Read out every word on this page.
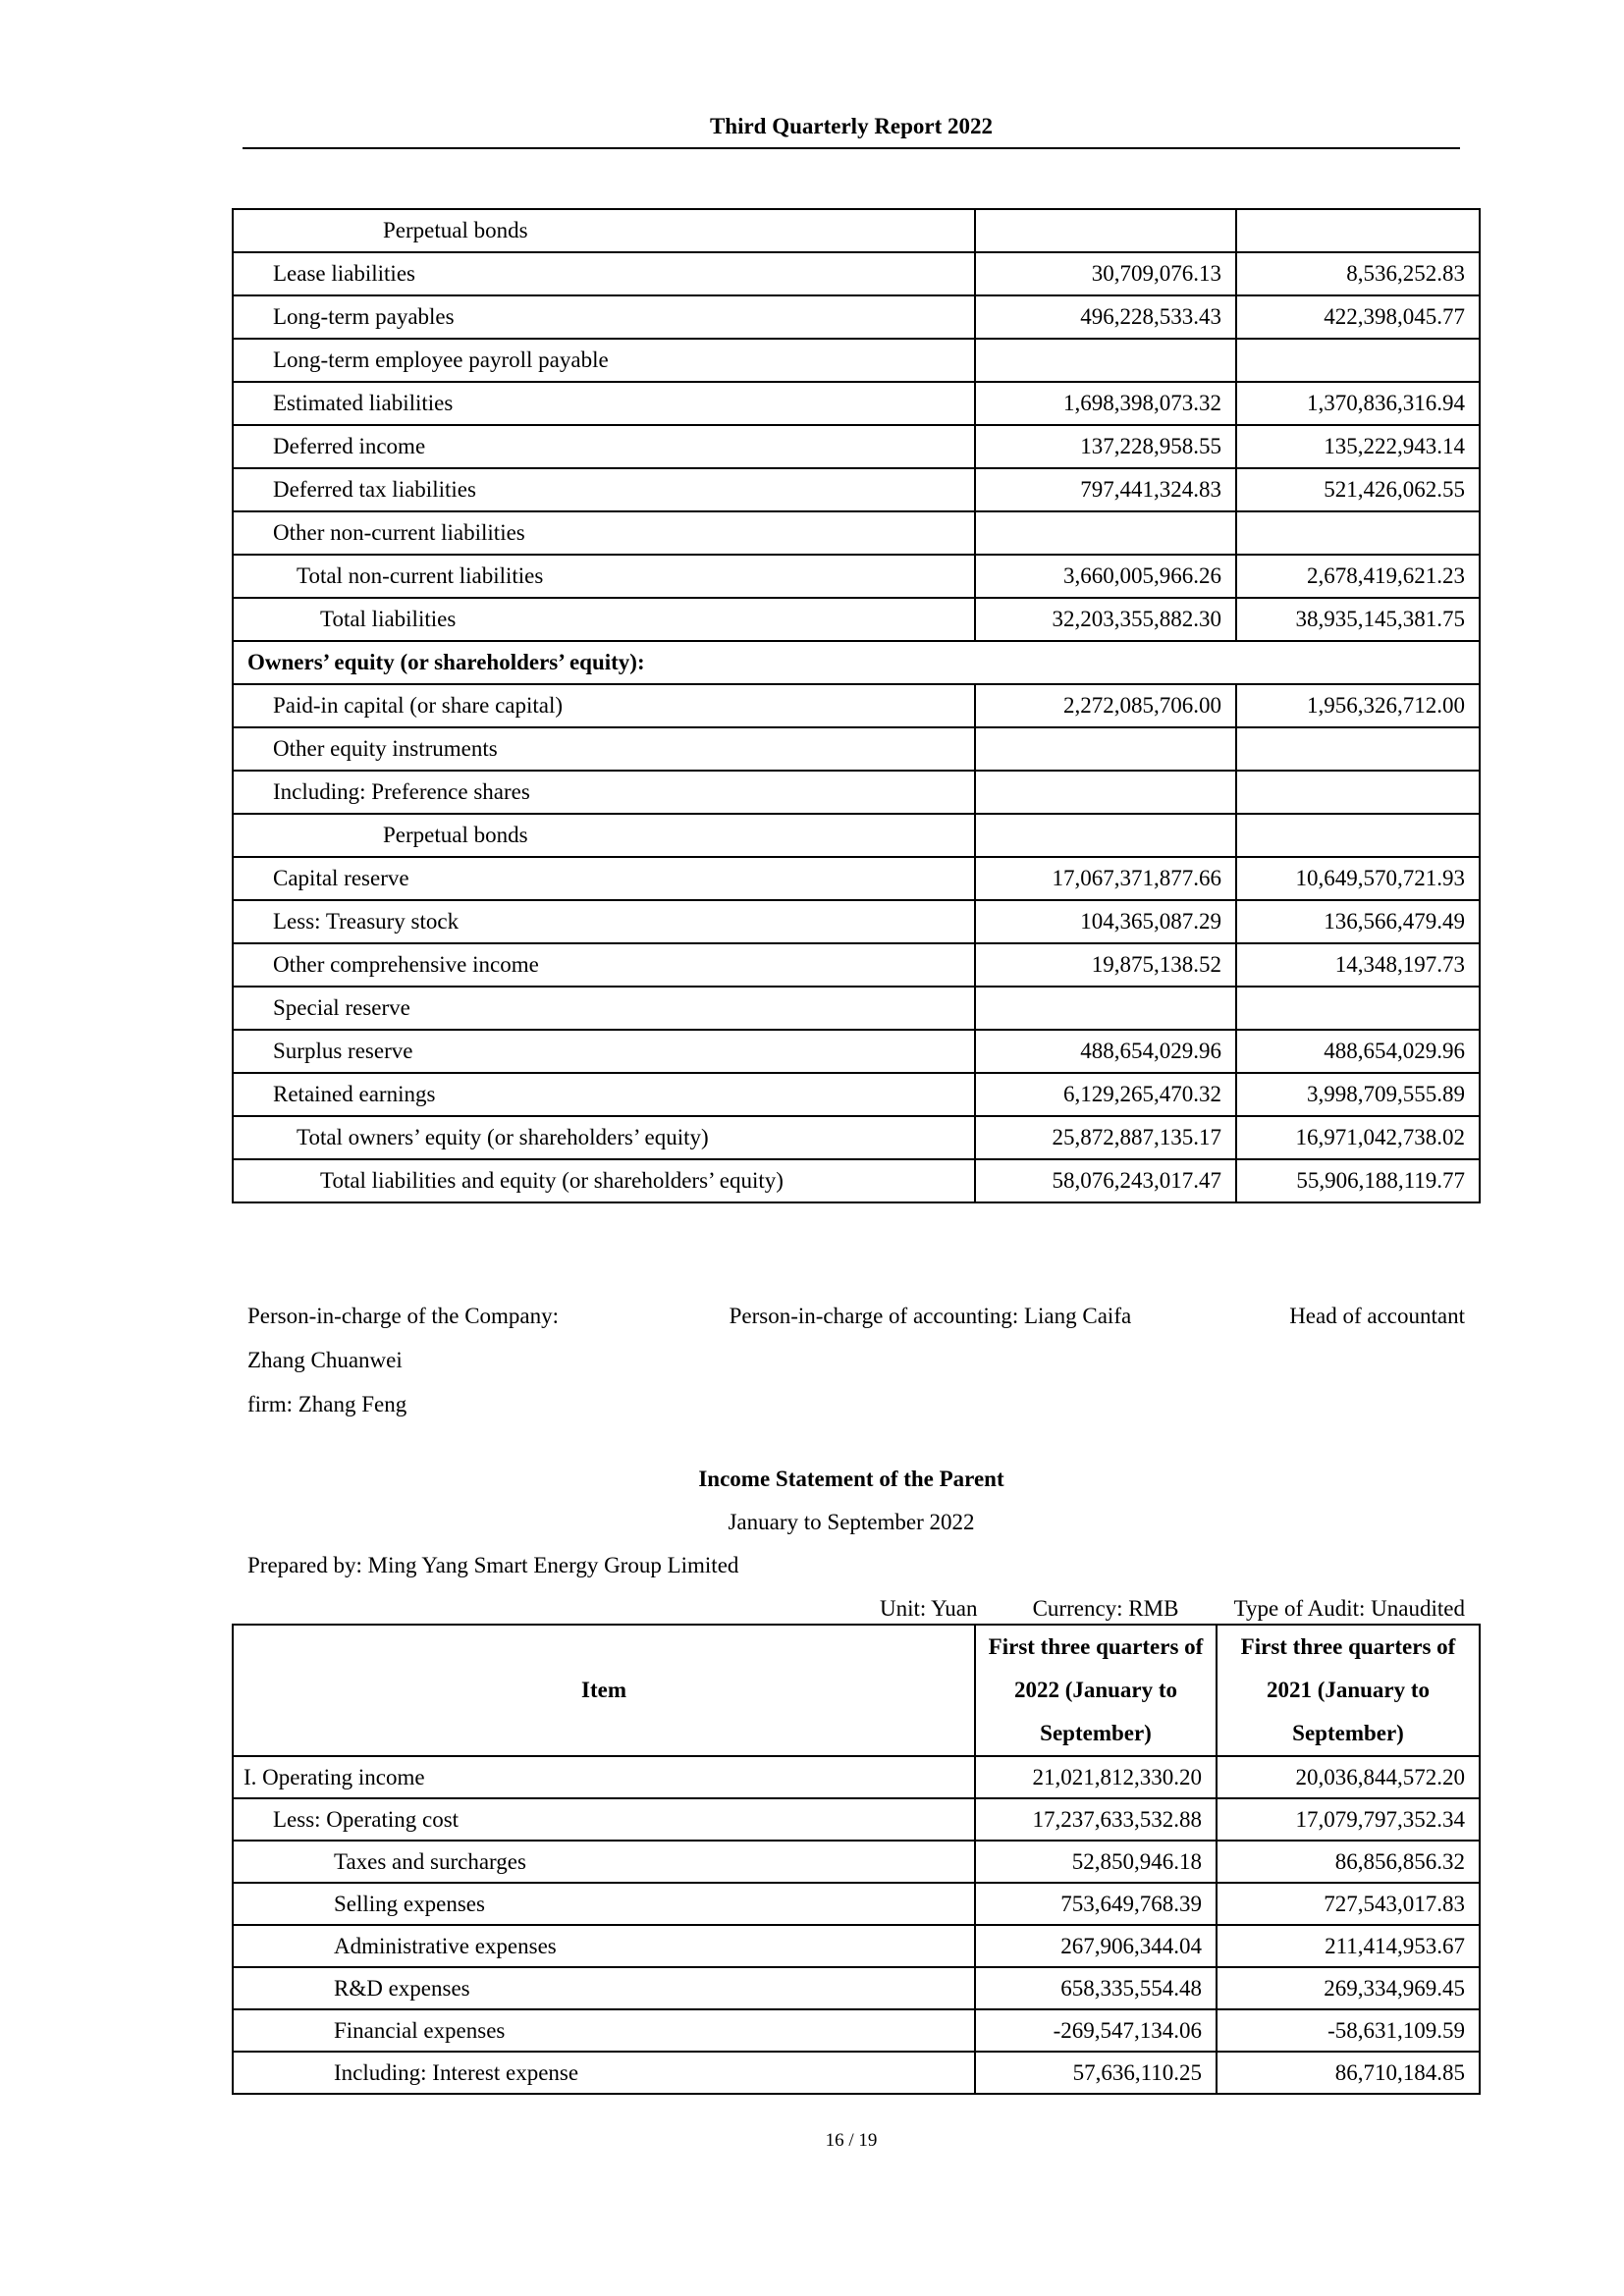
Third Quarterly Report 2022
Perpetual bonds		
Lease liabilities	30,709,076.13	8,536,252.83
Long-term payables	496,228,533.43	422,398,045.77
Long-term employee payroll payable		
Estimated liabilities	1,698,398,073.32	1,370,836,316.94
Deferred income	137,228,958.55	135,222,943.14
Deferred tax liabilities	797,441,324.83	521,426,062.55
Other non-current liabilities		
Total non-current liabilities	3,660,005,966.26	2,678,419,621.23
Total liabilities	32,203,355,882.30	38,935,145,381.75
Owners’ equity (or shareholders’ equity):		
Paid-in capital (or share capital)	2,272,085,706.00	1,956,326,712.00
Other equity instruments		
Including: Preference shares		
Perpetual bonds		
Capital reserve	17,067,371,877.66	10,649,570,721.93
Less: Treasury stock	104,365,087.29	136,566,479.49
Other comprehensive income	19,875,138.52	14,348,197.73
Special reserve		
Surplus reserve	488,654,029.96	488,654,029.96
Retained earnings	6,129,265,470.32	3,998,709,555.89
Total owners’ equity (or shareholders’ equity)	25,872,887,135.17	16,971,042,738.02
Total liabilities and equity (or shareholders’ equity)	58,076,243,017.47	55,906,188,119.77
Person-in-charge of the Company: Zhang Chuanwei
Person-in-charge of accounting: Liang Caifa	Head of accountant
firm: Zhang Feng
Income Statement of the Parent
January to September 2022
Prepared by: Ming Yang Smart Energy Group Limited
Unit: Yuan Currency: RMB Type of Audit: Unaudited
Item	First three quarters of 2022 (January to September)	First three quarters of 2021 (January to September)
I. Operating income	21,021,812,330.20	20,036,844,572.20
Less: Operating cost	17,237,633,532.88	17,079,797,352.34
Taxes and surcharges	52,850,946.18	86,856,856.32
Selling expenses	753,649,768.39	727,543,017.83
Administrative expenses	267,906,344.04	211,414,953.67
R&D expenses	658,335,554.48	269,334,969.45
Financial expenses	-269,547,134.06	-58,631,109.59
Including: Interest expense	57,636,110.25	86,710,184.85
16 / 19
